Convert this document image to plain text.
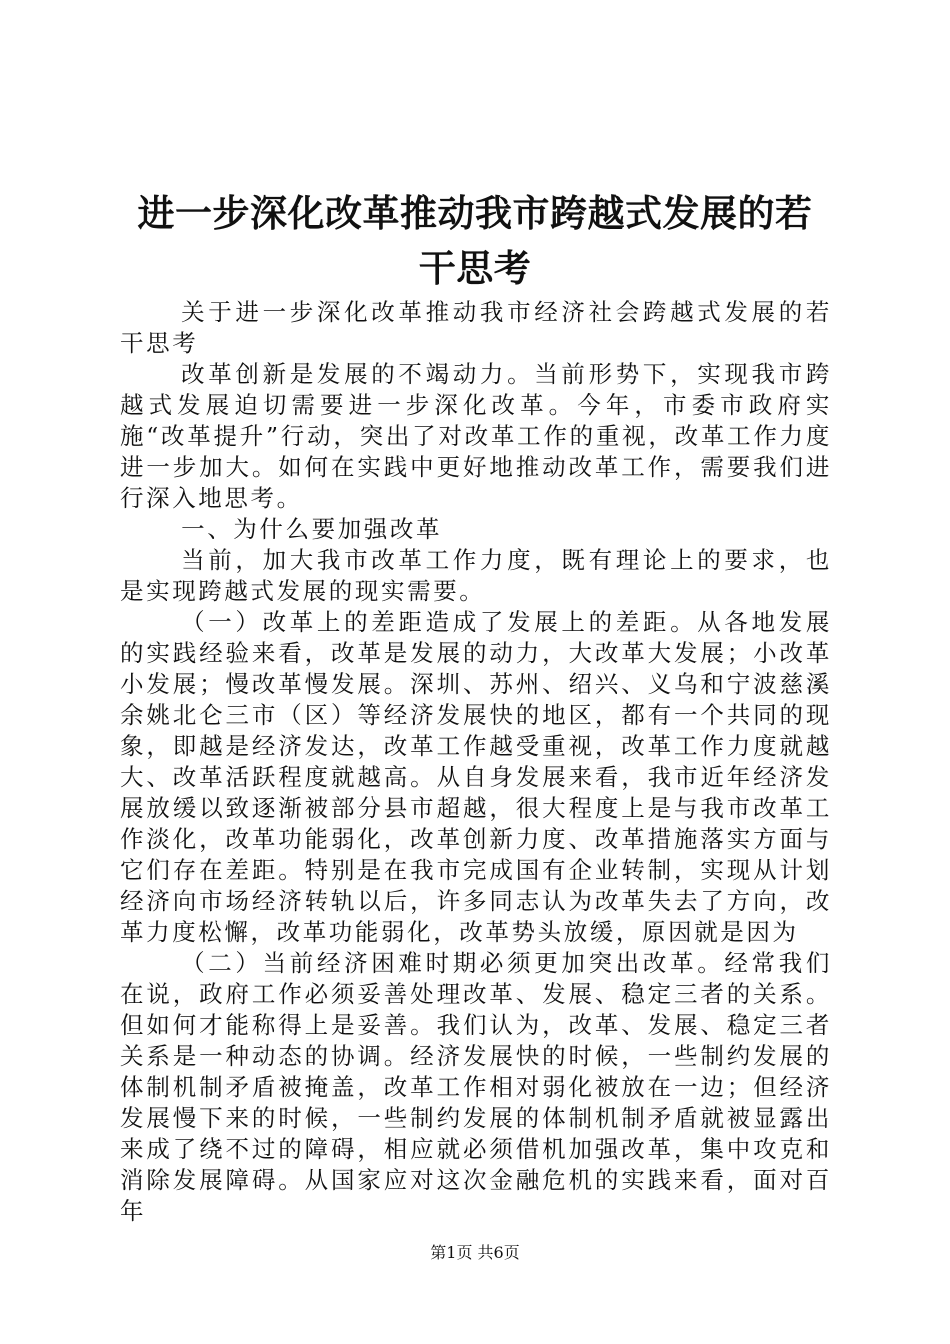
进一步深化改革推动我市跨越式发展的若干思考

关于进一步深化改革推动我市经济社会跨越式发展的若干思考

改革创新是发展的不竭动力。当前形势下，实现我市跨越式发展迫切需要进一步深化改革。今年，市委市政府实施“改革提升”行动，突出了对改革工作的重视，改革工作力度进一步加大。如何在实践中更好地推动改革工作，需要我们进行深入地思考。

一、为什么要加强改革

当前，加大我市改革工作力度，既有理论上的要求，也是实现跨越式发展的现实需要。

（一）改革上的差距造成了发展上的差距。从各地发展的实践经验来看，改革是发展的动力，大改革大发展；小改革小发展；慢改革慢发展。深圳、苏州、绍兴、义乌和宁波慈溪余姚北仑三市（区）等经济发展快的地区，都有一个共同的现象，即越是经济发达，改革工作越受重视，改革工作力度就越大、改革活跃程度就越高。从自身发展来看，我市近年经济发展放缓以致逐渐被部分县市超越，很大程度上是与我市改革工作淡化，改革功能弱化，改革创新力度、改革措施落实方面与它们存在差距。特别是在我市完成国有企业转制，实现从计划经济向市场经济转轨以后，许多同志认为改革失去了方向，改革力度松懈，改革功能弱化，改革势头放缓，原因就是因为

（二）当前经济困难时期必须更加突出改革。经常我们在说，政府工作必须妥善处理改革、发展、稳定三者的关系。但如何才能称得上是妥善。我们认为，改革、发展、稳定三者关系是一种动态的协调。经济发展快的时候，一些制约发展的体制机制矛盾被掩盖，改革工作相对弱化被放在一边；但经济发展慢下来的时候，一些制约发展的体制机制矛盾就被显露出来成了绕不过的障碍，相应就必须借机加强改革，集中攻克和消除发展障碍。从国家应对这次金融危机的实践来看，面对百年

第1页 共6页
